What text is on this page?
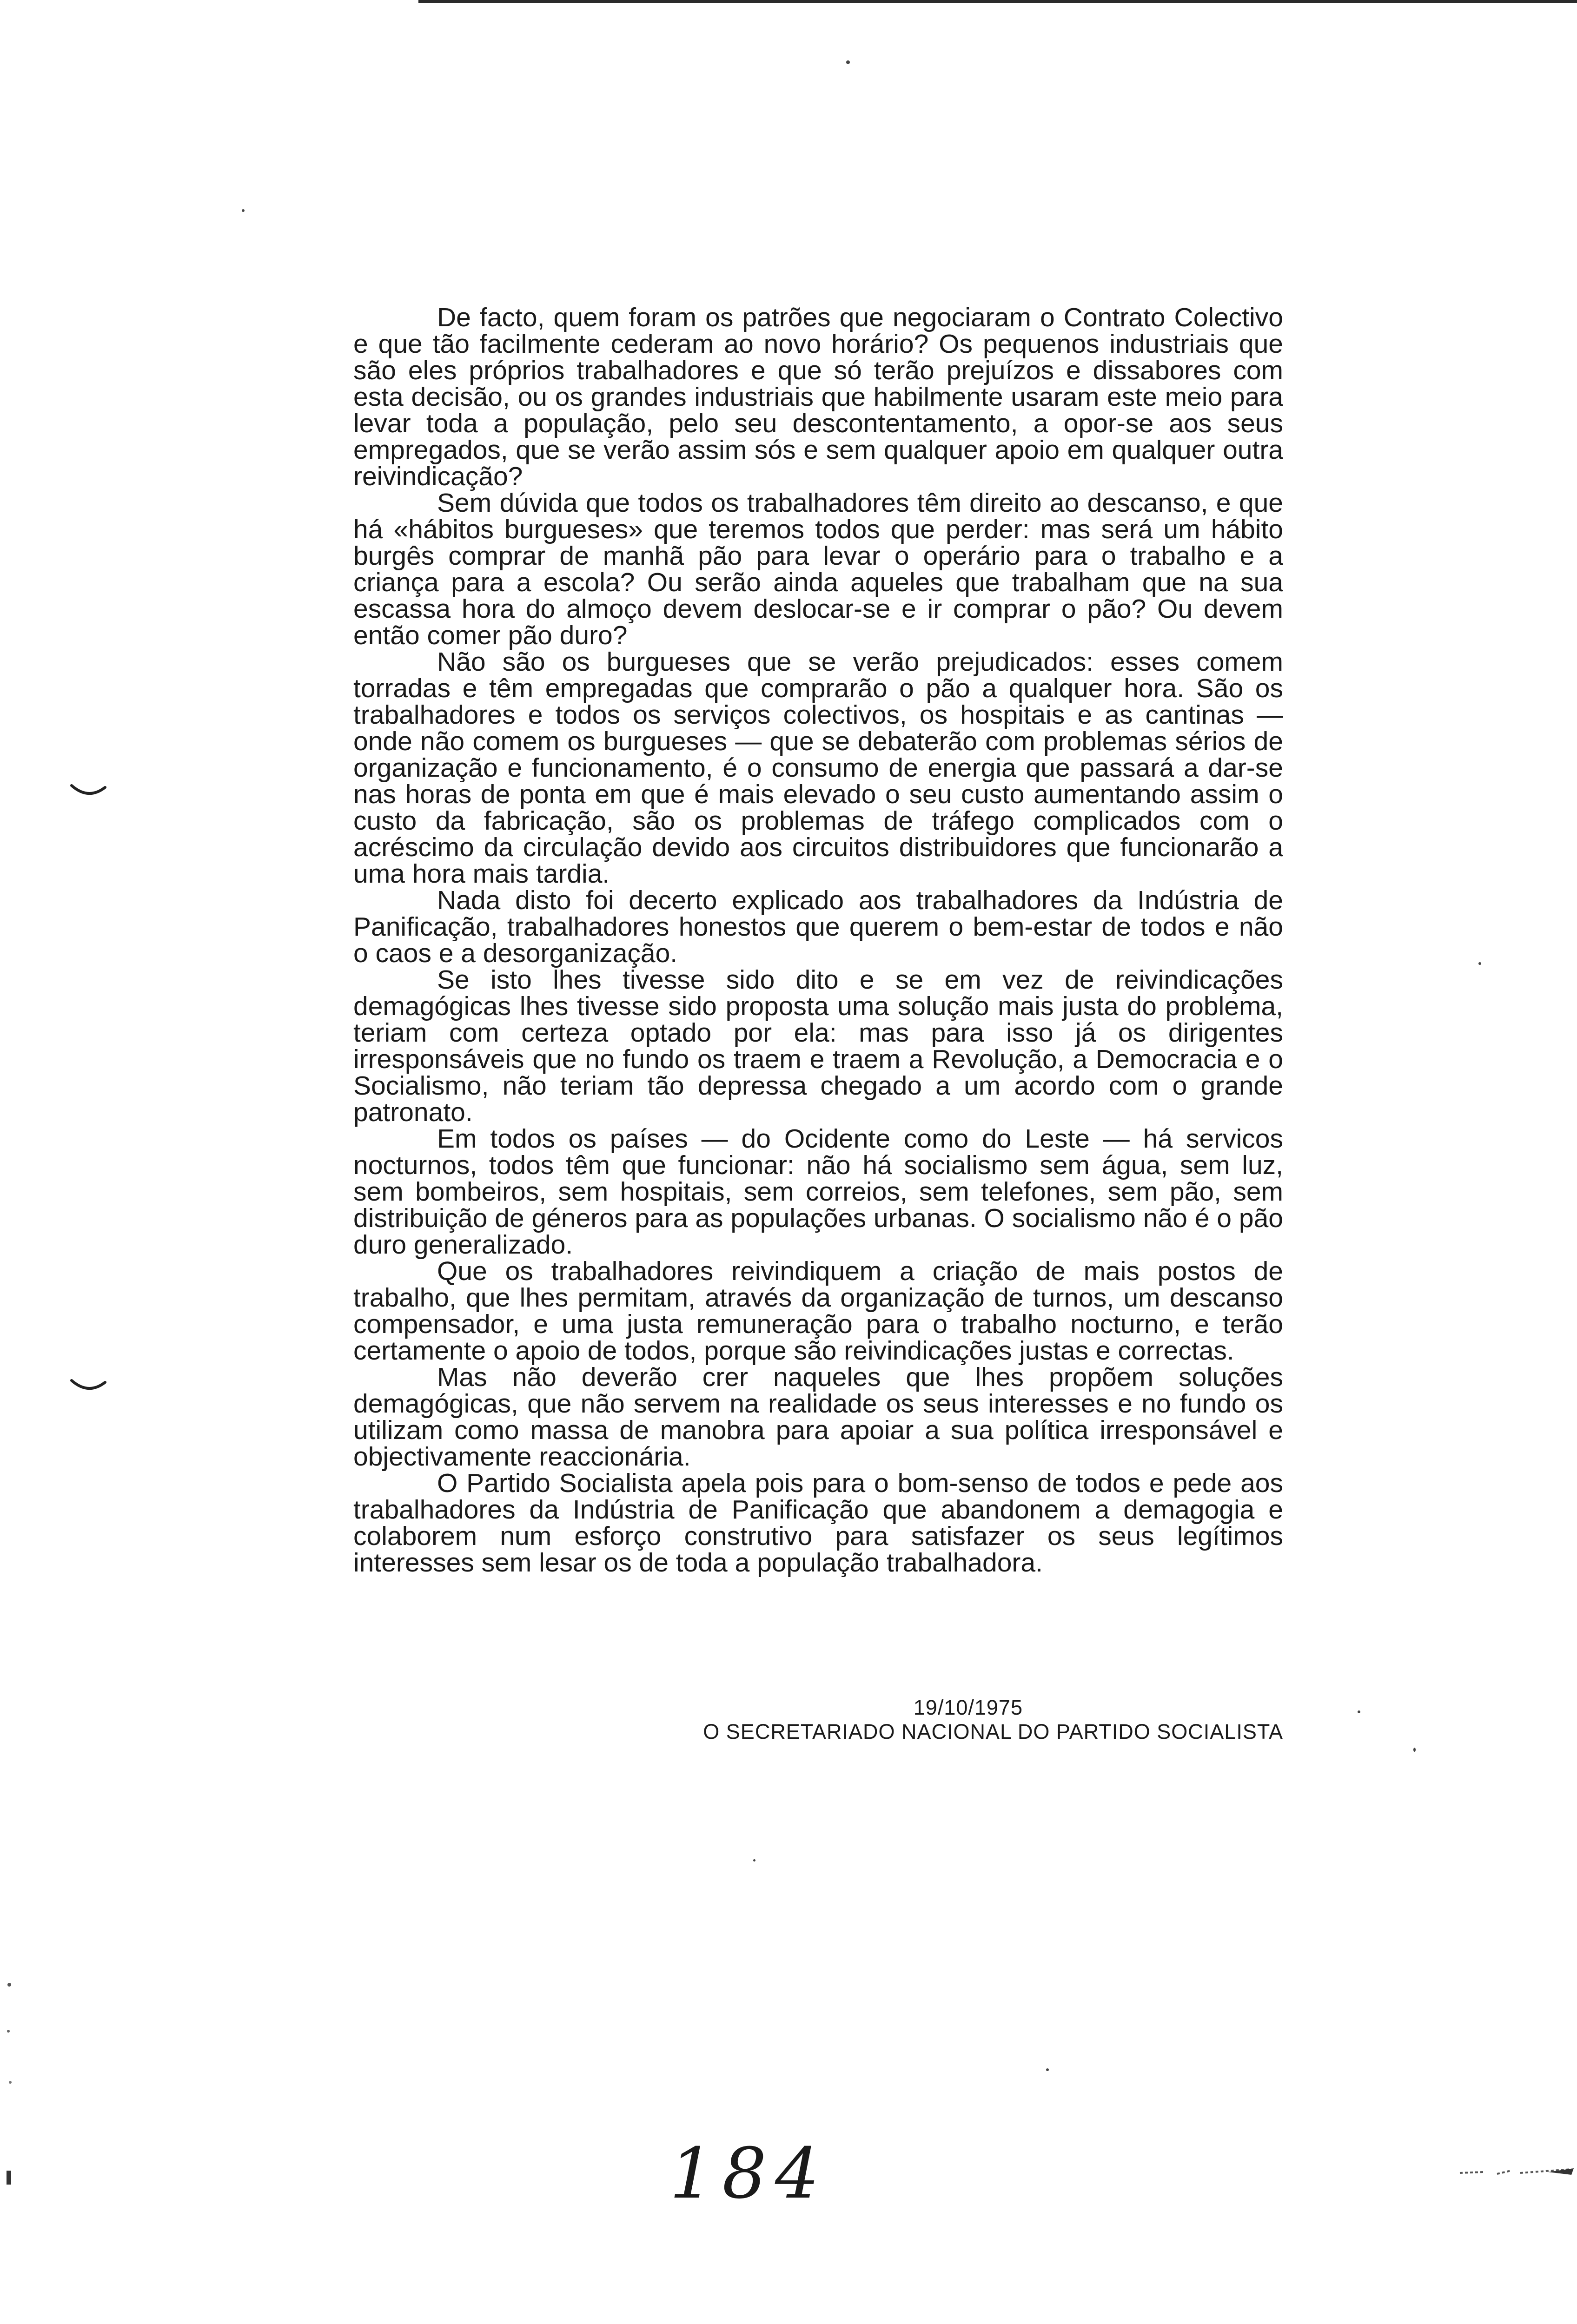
De facto, quem foram os patrões que negociaram o Contrato Colectivo e que tão facilmente cederam ao novo horário? Os pequenos industriais que são eles próprios trabalhadores e que só terão prejuízos e dissabores com esta decisão, ou os grandes industriais que habilmente usaram este meio para levar toda a população, pelo seu descontentamento, a opor-se aos seus empregados, que se verão assim sós e sem qualquer apoio em qualquer outra reivindicação?

Sem dúvida que todos os trabalhadores têm direito ao descanso, e que há «hábitos burgueses» que teremos todos que perder: mas será um hábito burgês comprar de manhã pão para levar o operário para o trabalho e a criança para a escola? Ou serão ainda aqueles que trabalham que na sua escassa hora do almoço devem deslocar-se e ir comprar o pão? Ou devem então comer pão duro?

Não são os burgueses que se verão prejudicados: esses comem torradas e têm empregadas que comprarão o pão a qualquer hora. São os trabalhadores e todos os serviços colectivos, os hospitais e as cantinas — onde não comem os burgueses — que se debaterão com problemas sérios de organização e funcionamento, é o consumo de energia que passará a dar-se nas horas de ponta em que é mais elevado o seu custo aumentando assim o custo da fabricação, são os problemas de tráfego complicados com o acréscimo da circulação devido aos circuitos distribuidores que funcionarão a uma hora mais tardia.

Nada disto foi decerto explicado aos trabalhadores da Indústria de Panificação, trabalhadores honestos que querem o bem-estar de todos e não o caos e a desorganização.

Se isto lhes tivesse sido dito e se em vez de reivindicações demagógicas lhes tivesse sido proposta uma solução mais justa do problema, teriam com certeza optado por ela: mas para isso já os dirigentes irresponsáveis que no fundo os traem e traem a Revolução, a Democracia e o Socialismo, não teriam tão depressa chegado a um acordo com o grande patronato.

Em todos os países — do Ocidente como do Leste — há servicos nocturnos, todos têm que funcionar: não há socialismo sem água, sem luz, sem bombeiros, sem hospitais, sem correios, sem telefones, sem pão, sem distribuição de géneros para as populações urbanas. O socialismo não é o pão duro generalizado.

Que os trabalhadores reivindiquem a criação de mais postos de trabalho, que lhes permitam, através da organização de turnos, um descanso compensador, e uma justa remuneração para o trabalho nocturno, e terão certamente o apoio de todos, porque são reivindicações justas e correctas.

Mas não deverão crer naqueles que lhes propõem soluções demagógicas, que não servem na realidade os seus interesses e no fundo os utilizam como massa de manobra para apoiar a sua política irresponsável e objectivamente reaccionária.

O Partido Socialista apela pois para o bom-senso de todos e pede aos trabalhadores da Indústria de Panificação que abandonem a demagogia e colaborem num esforço construtivo para satisfazer os seus legítimos interesses sem lesar os de toda a população trabalhadora.

19/10/1975
O SECRETARIADO NACIONAL DO PARTIDO SOCIALISTA
184
